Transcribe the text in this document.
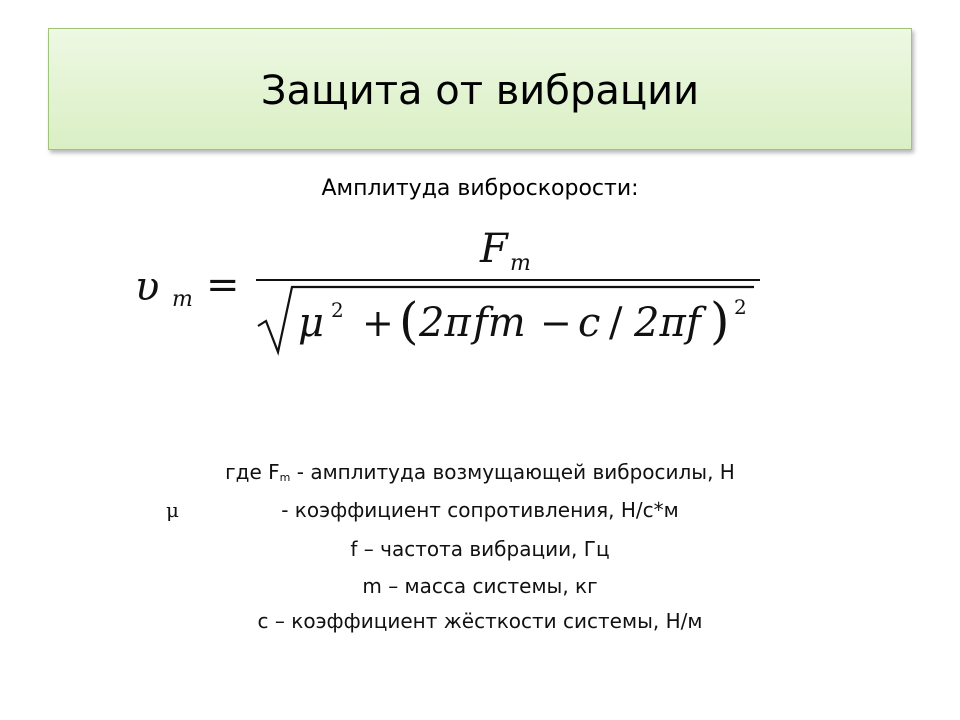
Защита от вибрации
Амплитуда виброскорости:
υ m =
F m
μ 2 + ( 2π fm − c / 2π f ) 2
где Fm - амплитуда возмущающей вибросилы, Н
μ	- коэффициент сопротивления, Н/с*м
f – частота вибрации, Гц
m – масса системы, кг
с – коэффициент жёсткости системы, Н/м
